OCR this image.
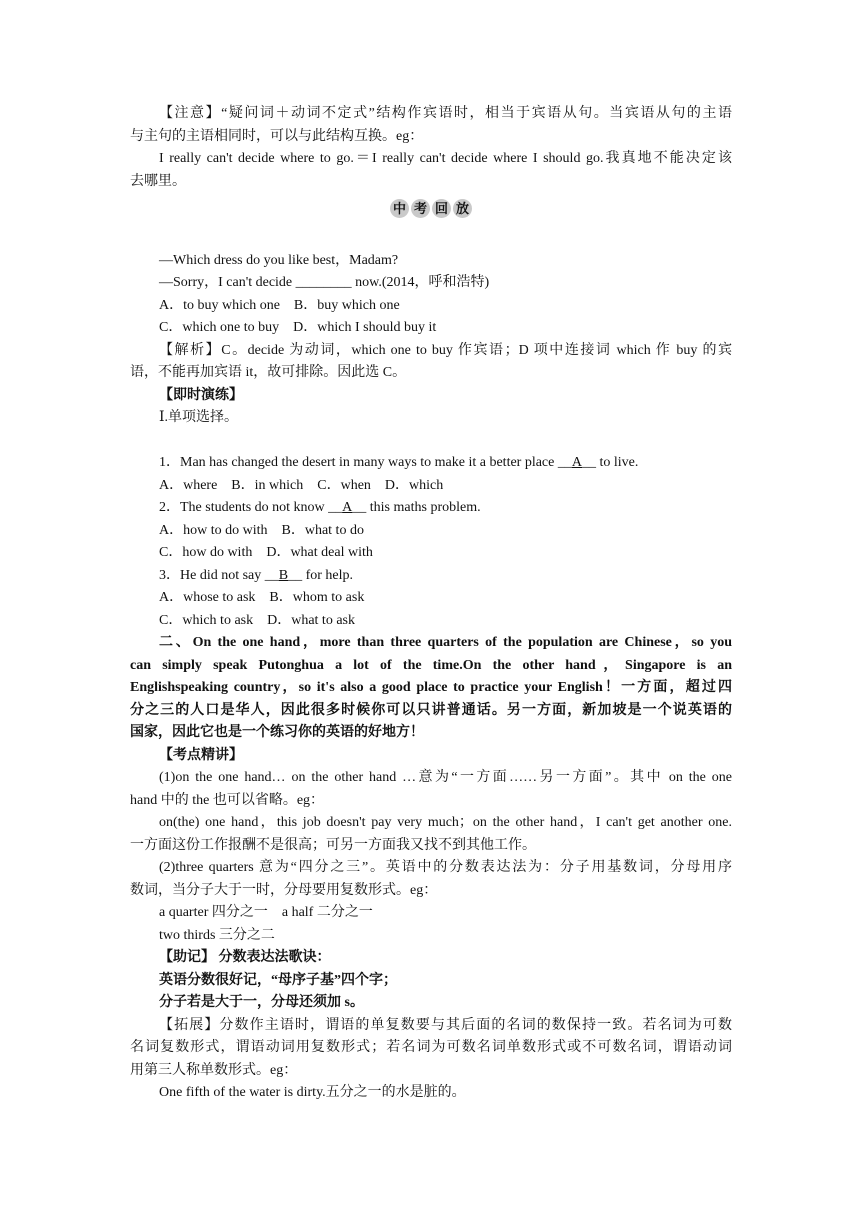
【注意】“疑问词＋动词不定式”结构作宾语时，相当于宾语从句。当宾语从句的主语
与主句的主语相同时，可以与此结构互换。eg：
I really can't decide where to go.＝I really can't decide where I should go.我真地不能决定该
去哪里。
中 考 回 放
—Which dress do you like best，Madam?
—Sorry，I can't decide ________ now.(2014，呼和浩特)
A．to buy which one　B．buy which one
C．which one to buy　D．which I should buy it
【解析】C。decide 为动词，which one to buy 作宾语；D 项中连接词 which 作 buy 的宾
语，不能再加宾语 it，故可排除。因此选 C。
【即时演练】
Ⅰ.单项选择。
1．Man has changed the desert in many ways to make it a better place __A__ to live.
A．where　B．in which　C．when　D．which
2．The students do not know __A__ this maths problem.
A．how to do with　B．what to do
C．how do with　D．what deal with
3．He did not say __B__ for help.
A．whose to ask　B．whom to ask
C．which to ask　D．what to ask
二、On the one hand，more than three quarters of the population are Chinese，so you
can simply speak Putonghua a lot of the time.On the other hand，Singapore is an
Englishspeaking country，so it's also a good place to practice your English！一方面，超过四
分之三的人口是华人，因此很多时候你可以只讲普通话。另一方面，新加坡是一个说英语的
国家，因此它也是一个练习你的英语的好地方！
【考点精讲】
(1)on the one hand… on the other hand …意为“一方面……另一方面”。其中 on the one
hand 中的 the 也可以省略。eg：
on(the) one hand，this job doesn't pay very much；on the other hand，I can't get another one.
一方面这份工作报酬不是很高；可另一方面我又找不到其他工作。
(2)three quarters 意为“四分之三”。英语中的分数表达法为：分子用基数词，分母用序
数词，当分子大于一时，分母要用复数形式。eg：
a quarter 四分之一　a half 二分之一
two thirds 三分之二
【助记】 分数表达法歌诀：
英语分数很好记，“母序子基”四个字；
分子若是大于一，分母还须加 s。
【拓展】分数作主语时，谓语的单复数要与其后面的名词的数保持一致。若名词为可数
名词复数形式，谓语动词用复数形式；若名词为可数名词单数形式或不可数名词，谓语动词
用第三人称单数形式。eg：
One fifth of the water is dirty.五分之一的水是脏的。
